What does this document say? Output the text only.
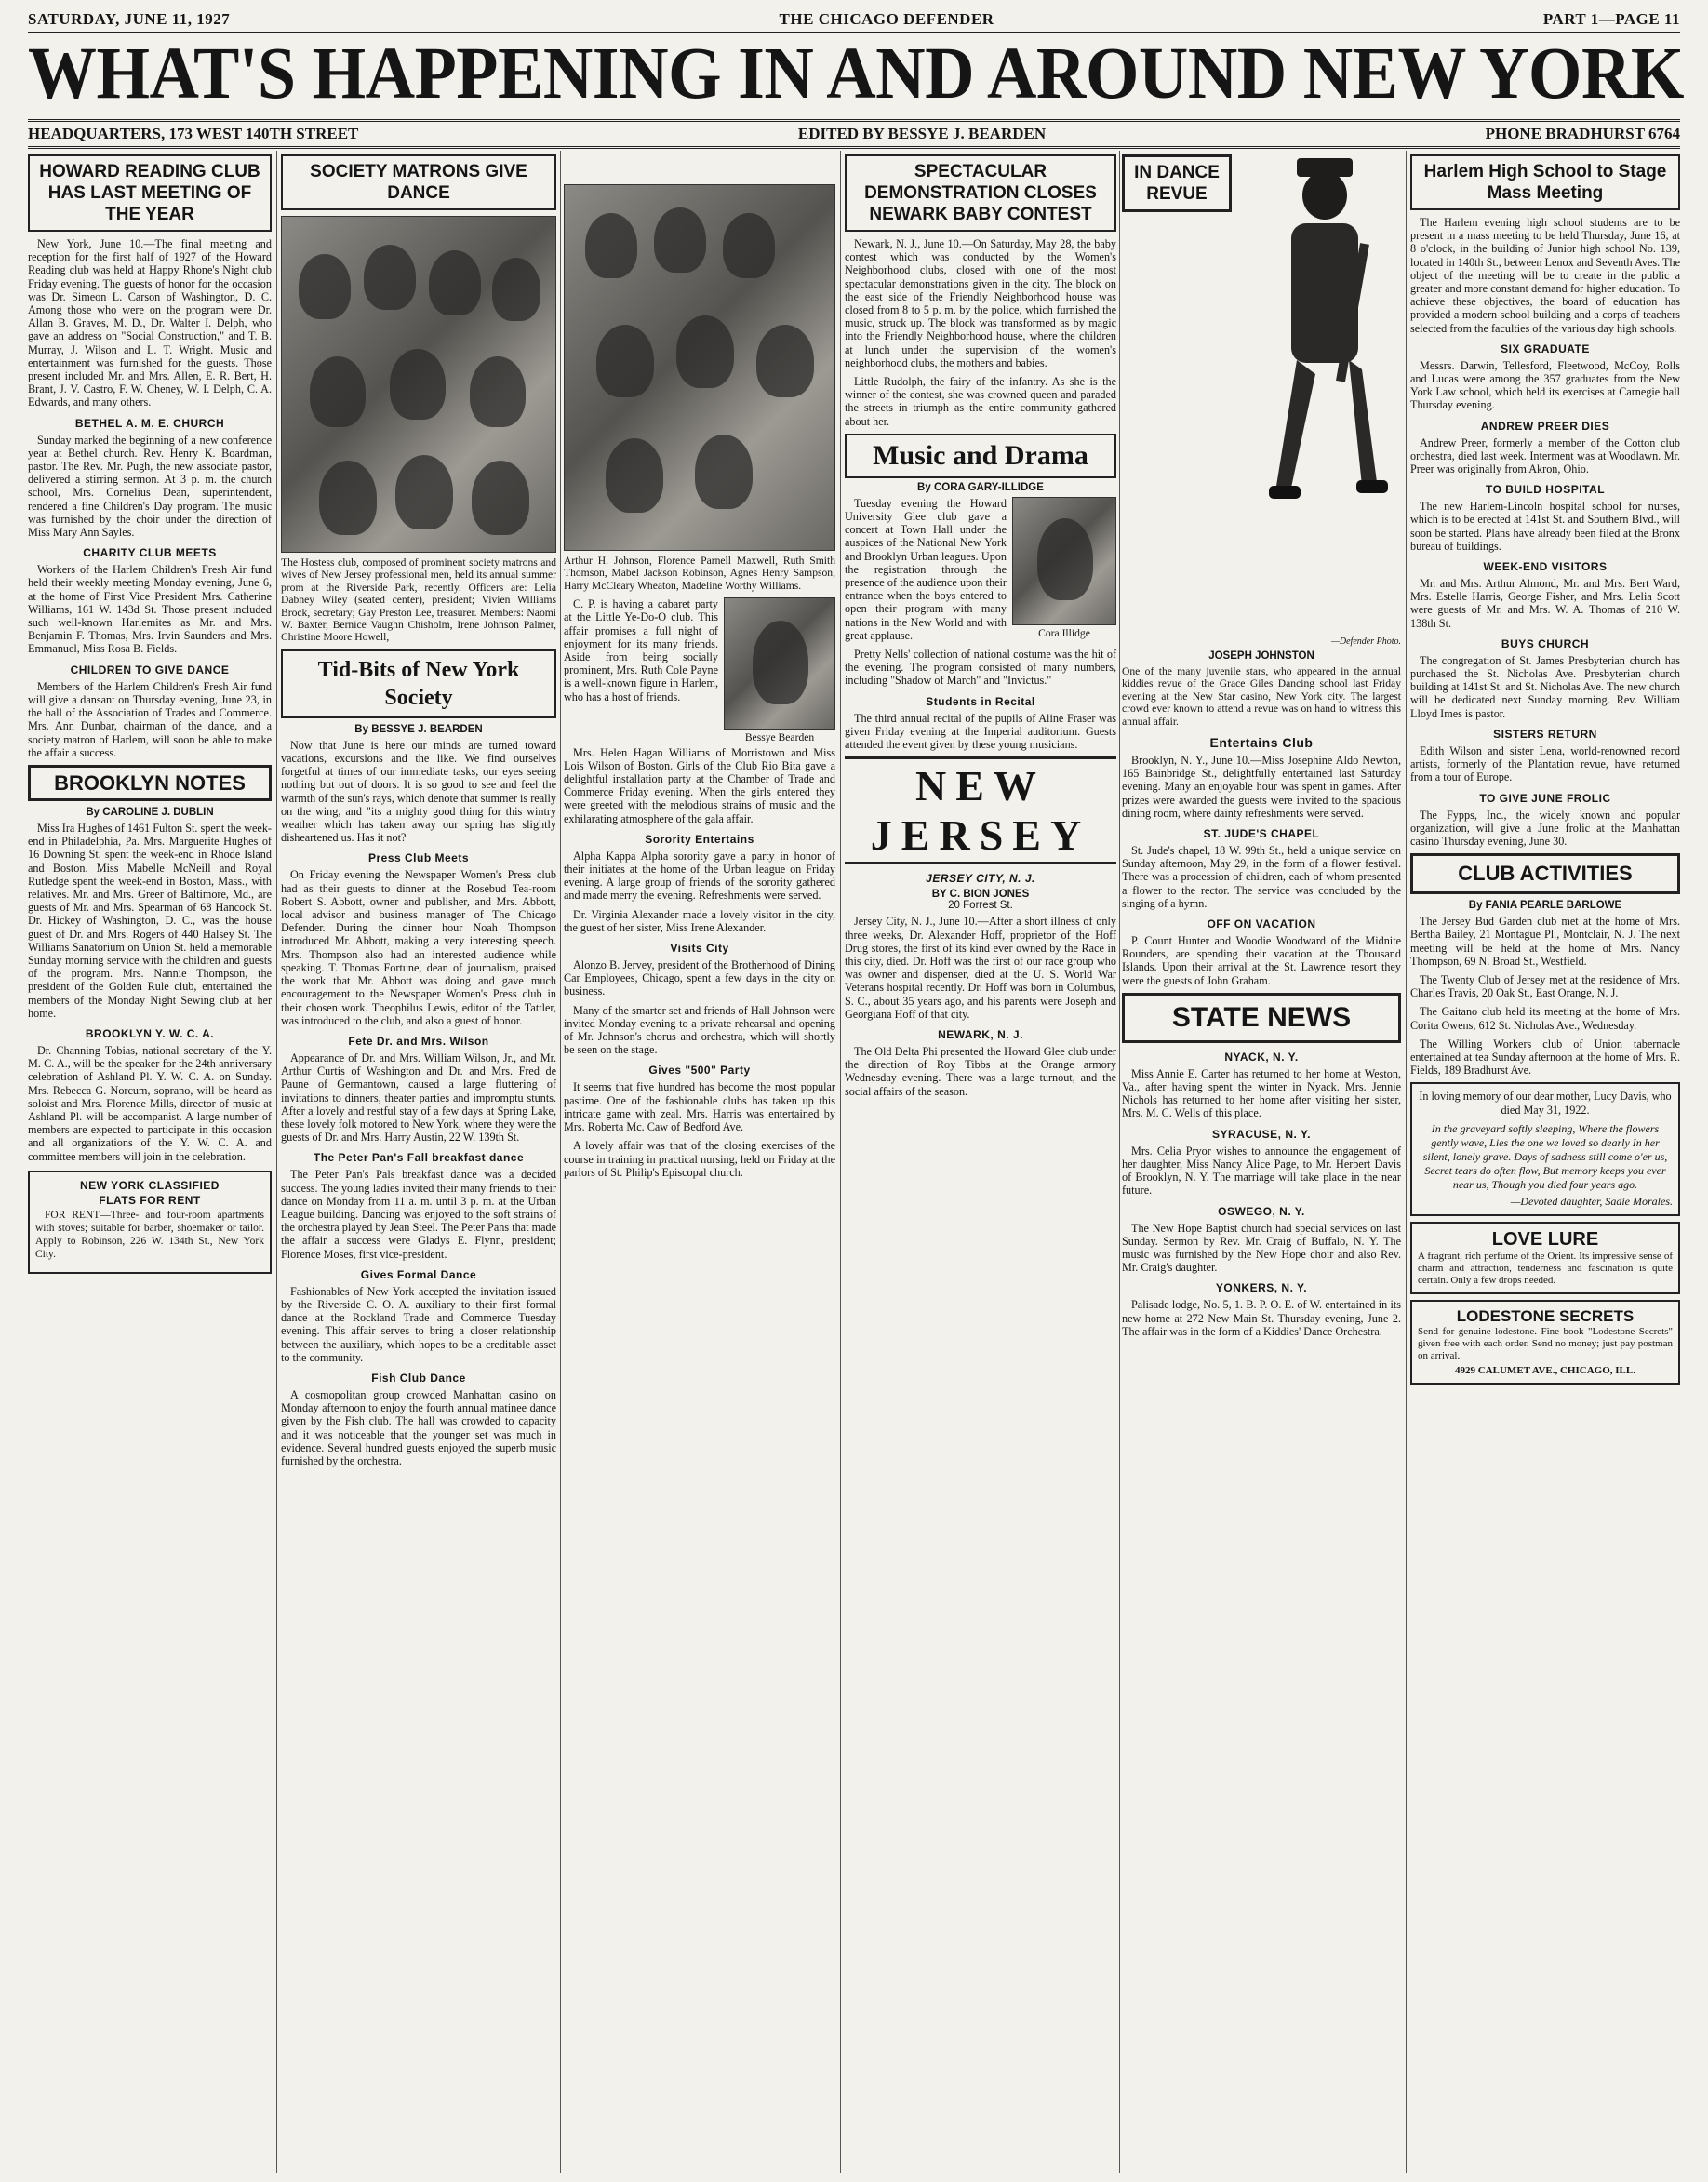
SATURDAY, JUNE 11, 1927	THE CHICAGO DEFENDER	PART 1—PAGE 11
WHAT'S HAPPENING IN AND AROUND NEW YORK
HEADQUARTERS, 173 WEST 140TH STREET	EDITED BY BESSYE J. BEARDEN	PHONE BRADHURST 6764
HOWARD READING CLUB HAS LAST MEETING OF THE YEAR

New York, June 10.—The final meeting and reception for the first half of 1927 of the Howard Reading club was held at Happy Rhone's Night club Friday evening. The guests of honor for the occasion was Dr. Simeon L. Carson of Washington, D. C. Among those who were on the program were Dr. Allan B. Graves, M. D., Dr. Walter I. Delph, who gave an address on "Social Construction," and T. B. Murray, J. Wilson and L. T. Wright. Music and entertainment was furnished for the guests. Those present included Mr. and Mrs. Allen, E. R. Bert, H. Brant, J. V. Castro, F. W. Cheney, W. I. Delph, C. A. Edwards, and many others.

BETHEL A. M. E. CHURCH

Sunday marked the beginning of a new conference year at Bethel church. Rev. Henry K. Boardman, pastor. The Rev. Mr. Pugh, the new associate pastor, delivered a stirring sermon. At 3 p. m. the church school, Mrs. Cornelius Dean, superintendent, rendered a fine Children's Day program. The music was furnished by the choir under the direction of Miss Mary Ann Sayles.

CHARITY CLUB MEETS

Workers of the Harlem Children's Fresh Air fund held their weekly meeting Monday evening, June 6, at the home of First Vice President Mrs. Catherine Williams, 161 W. 143d St. Those present included such well-known Harlemites as Mr. and Mrs. Benjamin F. Thomas, Mrs. Irvin Saunders and Mrs. Emmanuel, Miss Rosa B. Fields.

CHILDREN TO GIVE DANCE

Members of the Harlem Children's Fresh Air fund will give a dansant on Thursday evening, June 23, in the ball of the Association of Trades and Commerce. Mrs. Ann Dunbar, chairman of the dance, and a society matron of Harlem, will soon be able to make the affair a success.

BROOKLYN NOTES
By CAROLINE J. DUBLIN

Miss Ira Hughes of 1461 Fulton St. spent the week-end in Philadelphia, Pa. Mrs. Marguerite Hughes of 16 Downing St. spent the week-end in Rhode Island and Boston. Miss Mabelle McNeill and Royal Rutledge spent the week-end in Boston, Mass., with relatives. Mr. and Mrs. Greer of Baltimore, Md., are guests of Mr. and Mrs. Spearman of 68 Hancock St. Dr. Hickey of Washington, D. C., was the house guest of Dr. and Mrs. Rogers of 440 Halsey St. The Williams Sanatorium on Union St. held a memorable Sunday morning service with the children and guests of the program. Mrs. Nannie Thompson, the president of the Golden Rule club, entertained the members of the Monday Night Sewing club at her home.

BROOKLYN Y. W. C. A.

Dr. Channing Tobias, national secretary of the Y. M. C. A., will be the speaker for the 24th anniversary celebration of Ashland Pl. Y. W. C. A. on Sunday. Mrs. Rebecca G. Norcum, soprano, will be heard as soloist and Mrs. Florence Mills, director of music at Ashland Pl. will be accompanist. A large number of members are expected to participate in this occasion and all organizations of the Y. W. C. A. and committee members will join in the celebration.

NEW YORK CLASSIFIED
FLATS FOR RENT

FOR RENT—Three- and four-room apartments with stoves; suitable for barber, shoemaker or tailor. Apply to Robinson, 226 W. 134th St., New York City.

SOCIETY MATRONS GIVE DANCE
The Hostess club, composed of prominent society matrons and wives of New Jersey professional men, held its annual summer prom at the Riverside Park, recently. Officers are: Lelia Dabney Wiley (seated center), president; Vivien Williams Brock, secretary; Gay Preston Lee, treasurer. Members: Naomi W. Baxter, Bernice Vaughn Chisholm, Irene Johnson Palmer, Christine Moore Howell,
Tid-Bits of New York Society
By BESSYE J. BEARDEN

Now that June is here our minds are turned toward vacations, excursions and the like. We find ourselves forgetful at times of our immediate tasks, our eyes seeing nothing but out of doors. It is so good to see and feel the warmth of the sun's rays, which denote that summer is really on the wing, and "its a mighty good thing for this wintry weather which has taken away our spring has slightly disheartened us. Has it not?

Press Club Meets

On Friday evening the Newspaper Women's Press club had as their guests to dinner at the Rosebud Tea-room Robert S. Abbott, owner and publisher, and Mrs. Abbott, local advisor and business manager of The Chicago Defender. During the dinner hour Noah Thompson introduced Mr. Abbott, making a very interesting speech. Mrs. Thompson also had an interested audience while speaking. T. Thomas Fortune, dean of journalism, praised the work that Mr. Abbott was doing and gave much encouragement to the Newspaper Women's Press club in their chosen work. Theophilus Lewis, editor of the Tattler, was introduced to the club, and also a guest of honor.

Fete Dr. and Mrs. Wilson

Appearance of Dr. and Mrs. William Wilson, Jr., and Mr. Arthur Curtis of Washington and Dr. and Mrs. Fred de Paune of Germantown, caused a large fluttering of invitations to dinners, theater parties and impromptu stunts. After a lovely and restful stay of a few days at Spring Lake, these lovely folk motored to New York, where they were the guests of Dr. and Mrs. Harry Austin, 22 W. 139th St.

The Peter Pan's Fall breakfast dance

The Peter Pan's Pals breakfast dance was a decided success. The young ladies invited their many friends to their dance on Monday from 11 a. m. until 3 p. m. at the Urban League building. Dancing was enjoyed to the soft strains of the orchestra played by Jean Steel. The Peter Pans that made the affair a success were Gladys E. Flynn, president; Florence Moses, first vice-president.

Gives Formal Dance

Fashionables of New York accepted the invitation issued by the Riverside C. O. A. auxiliary to their first formal dance at the Rockland Trade and Commerce Tuesday evening. This affair serves to bring a closer relationship between the auxiliary, which hopes to be a creditable asset to the community.

Fish Club Dance

A cosmopolitan group crowded Manhattan casino on Monday afternoon to enjoy the fourth annual matinee dance given by the Fish club. The hall was crowded to capacity and it was noticeable that the younger set was much in evidence. Several hundred guests enjoyed the superb music furnished by the orchestra.

Arthur H. Johnson, Florence Parnell Maxwell, Ruth Smith Thomson, Mabel Jackson Robinson, Agnes Henry Sampson, Harry McCleary Wheaton, Madeline Worthy Williams.

C. P. is having a cabaret party at the Little Ye-Do-O club. This affair promises a full night of enjoyment for its many friends. Aside from being socially prominent, Mrs. Ruth Cole Payne is a well-known figure in Harlem, who has a host of friends.

Bessye Bearden

Mrs. Helen Hagan Williams of Morristown and Miss Lois Wilson of Boston. Girls of the Club Rio Bita gave a delightful installation party at the Chamber of Trade and Commerce Friday evening. When the girls entered they were greeted with the melodious strains of music and the exhilarating atmosphere of the gala affair.

Sorority Entertains

Alpha Kappa Alpha sorority gave a party in honor of their initiates at the home of the Urban league on Friday evening. A large group of friends of the sorority gathered and made merry the evening. Refreshments were served.

Dr. Virginia Alexander made a lovely visitor in the city, the guest of her sister, Miss Irene Alexander.

Visits City

Alonzo B. Jervey, president of the Brotherhood of Dining Car Employees, Chicago, spent a few days in the city on business.

Many of the smarter set and friends of Hall Johnson were invited Monday evening to a private rehearsal and opening of Mr. Johnson's chorus and orchestra, which will shortly be seen on the stage.

Gives "500" Party

It seems that five hundred has become the most popular pastime. One of the fashionable clubs has taken up this intricate game with zeal. Mrs. Harris was entertained by Mrs. Roberta Mc. Caw of Bedford Ave.

A lovely affair was that of the closing exercises of the course in training in practical nursing, held on Friday at the parlors of St. Philip's Episcopal church.

SPECTACULAR DEMONSTRATION CLOSES NEWARK BABY CONTEST

Newark, N. J., June 10.—On Saturday, May 28, the baby contest which was conducted by the Women's Neighborhood clubs, closed with one of the most spectacular demonstrations given in the city. The block on the east side of the Friendly Neighborhood house was closed from 8 to 5 p. m. by the police, which furnished the music, struck up. The block was transformed as by magic into the Friendly Neighborhood house, where the children at lunch under the supervision of the women's neighborhood clubs, the mothers and babies.

Little Rudolph, the fairy of the infantry. As she is the winner of the contest, she was crowned queen and paraded the streets in triumph as the entire community gathered about her.

Music and Drama
By CORA GARY-ILLIDGE

Tuesday evening the Howard University Glee club gave a concert at Town Hall under the auspices of the National New York and Brooklyn Urban leagues. Upon the registration through the presence of the audience upon their entrance when the boys entered to open their program with many nations in the New World and with great applause.	Cora Illidge

Pretty Nells' collection of national costume was the hit of the evening. The program consisted of many numbers, including "Shadow of March" and "Invictus."

Students in Recital

The third annual recital of the pupils of Aline Fraser was given Friday evening at the Imperial auditorium. Guests attended the event given by these young musicians.

NEW JERSEY
JERSEY CITY, N. J.
BY C. BION JONES
20 Forrest St.

Jersey City, N. J., June 10.—After a short illness of only three weeks, Dr. Alexander Hoff, proprietor of the Hoff Drug stores, the first of its kind ever owned by the Race in this city, died. Dr. Hoff was the first of our race group who was owner and dispenser, died at the U. S. World War Veterans hospital recently. Dr. Hoff was born in Columbus, S. C., about 35 years ago, and his parents were Joseph and Georgiana Hoff of that city.

NEWARK, N. J.

The Old Delta Phi presented the Howard Glee club under the direction of Roy Tibbs at the Orange armory Wednesday evening. There was a large turnout, and the social affairs of the season.

IN DANCE REVUE
—Defender Photo.
JOSEPH JOHNSTON
One of the many juvenile stars, who appeared in the annual kiddies revue of the Grace Giles Dancing school last Friday evening at the New Star casino, New York city. The largest crowd ever known to attend a revue was on hand to witness this annual affair.
Entertains Club

Brooklyn, N. Y., June 10.—Miss Josephine Aldo Newton, 165 Bainbridge St., delightfully entertained last Saturday evening. Many an enjoyable hour was spent in games. After prizes were awarded the guests were invited to the spacious dining room, where dainty refreshments were served.

ST. JUDE'S CHAPEL

St. Jude's chapel, 18 W. 99th St., held a unique service on Sunday afternoon, May 29, in the form of a flower festival. There was a procession of children, each of whom presented a flower to the rector. The service was concluded by the singing of a hymn.

OFF ON VACATION

P. Count Hunter and Woodie Woodward of the Midnite Rounders, are spending their vacation at the Thousand Islands. Upon their arrival at the St. Lawrence resort they were the guests of John Graham.

STATE NEWS
NYACK, N. Y.

Miss Annie E. Carter has returned to her home at Weston, Va., after having spent the winter in Nyack. Mrs. Jennie Nichols has returned to her home after visiting her sister, Mrs. M. C. Wells of this place.

SYRACUSE, N. Y.

Mrs. Celia Pryor wishes to announce the engagement of her daughter, Miss Nancy Alice Page, to Mr. Herbert Davis of Brooklyn, N. Y. The marriage will take place in the near future.

OSWEGO, N. Y.

The New Hope Baptist church had special services on last Sunday. Sermon by Rev. Mr. Craig of Buffalo, N. Y. The music was furnished by the New Hope choir and also Rev. Mr. Craig's daughter.

YONKERS, N. Y.

Palisade lodge, No. 5, 1. B. P. O. E. of W. entertained in its new home at 272 New Main St. Thursday evening, June 2. The affair was in the form of a Kiddies' Dance Orchestra.

Harlem High School to Stage Mass Meeting

The Harlem evening high school students are to be present in a mass meeting to be held Thursday, June 16, at 8 o'clock, in the building of Junior high school No. 139, located in 140th St., between Lenox and Seventh Aves. The object of the meeting will be to create in the public a greater and more constant demand for higher education. To achieve these objectives, the board of education has provided a modern school building and a corps of teachers selected from the faculties of the various day high schools.

SIX GRADUATE

Messrs. Darwin, Tellesford, Fleetwood, McCoy, Rolls and Lucas were among the 357 graduates from the New York Law school, which held its exercises at Carnegie hall Thursday evening.

ANDREW PREER DIES

Andrew Preer, formerly a member of the Cotton club orchestra, died last week. Interment was at Woodlawn. Mr. Preer was originally from Akron, Ohio.

TO BUILD HOSPITAL

The new Harlem-Lincoln hospital school for nurses, which is to be erected at 141st St. and Southern Blvd., will soon be started. Plans have already been filed at the Bronx bureau of buildings.

WEEK-END VISITORS

Mr. and Mrs. Arthur Almond, Mr. and Mrs. Bert Ward, Mrs. Estelle Harris, George Fisher, and Mrs. Lelia Scott were guests of Mr. and Mrs. W. A. Thomas of 210 W. 138th St.

BUYS CHURCH

The congregation of St. James Presbyterian church has purchased the St. Nicholas Ave. Presbyterian church building at 141st St. and St. Nicholas Ave. The new church will be dedicated next Sunday morning. Rev. William Lloyd Imes is pastor.

SISTERS RETURN

Edith Wilson and sister Lena, world-renowned record artists, formerly of the Plantation revue, have returned from a tour of Europe.

TO GIVE JUNE FROLIC

The Fypps, Inc., the widely known and popular organization, will give a June frolic at the Manhattan casino Thursday evening, June 30.

CLUB ACTIVITIES
By FANIA PEARLE BARLOWE

The Jersey Bud Garden club met at the home of Mrs. Bertha Bailey, 21 Montague Pl., Montclair, N. J. The next meeting will be held at the home of Mrs. Nancy Thompson, 69 N. Broad St., Westfield.

The Twenty Club of Jersey met at the residence of Mrs. Charles Travis, 20 Oak St., East Orange, N. J.

The Gaitano club held its meeting at the home of Mrs. Corita Owens, 612 St. Nicholas Ave., Wednesday.

The Willing Workers club of Union tabernacle entertained at tea Sunday afternoon at the home of Mrs. R. Fields, 189 Bradhurst Ave.

In loving memory of our dear mother, Lucy Davis, who died May 31, 1922.

In the graveyard softly sleeping, Where the flowers gently wave, Lies the one we loved so dearly In her silent, lonely grave. Days of sadness still come o'er us, Secret tears do often flow, But memory keeps you ever near us, Though you died four years ago.
—Devoted daughter, Sadie Morales.
LOVE LURE
A fragrant, rich perfume of the Orient. Its impressive sense of charm and attraction, tenderness and fascination is quite certain. Only a few drops needed.
LODESTONE SECRETS
Send for genuine lodestone. Fine book "Lodestone Secrets" given free with each order. Send no money; just pay postman on arrival.
4929 CALUMET AVE., CHICAGO, ILL.
